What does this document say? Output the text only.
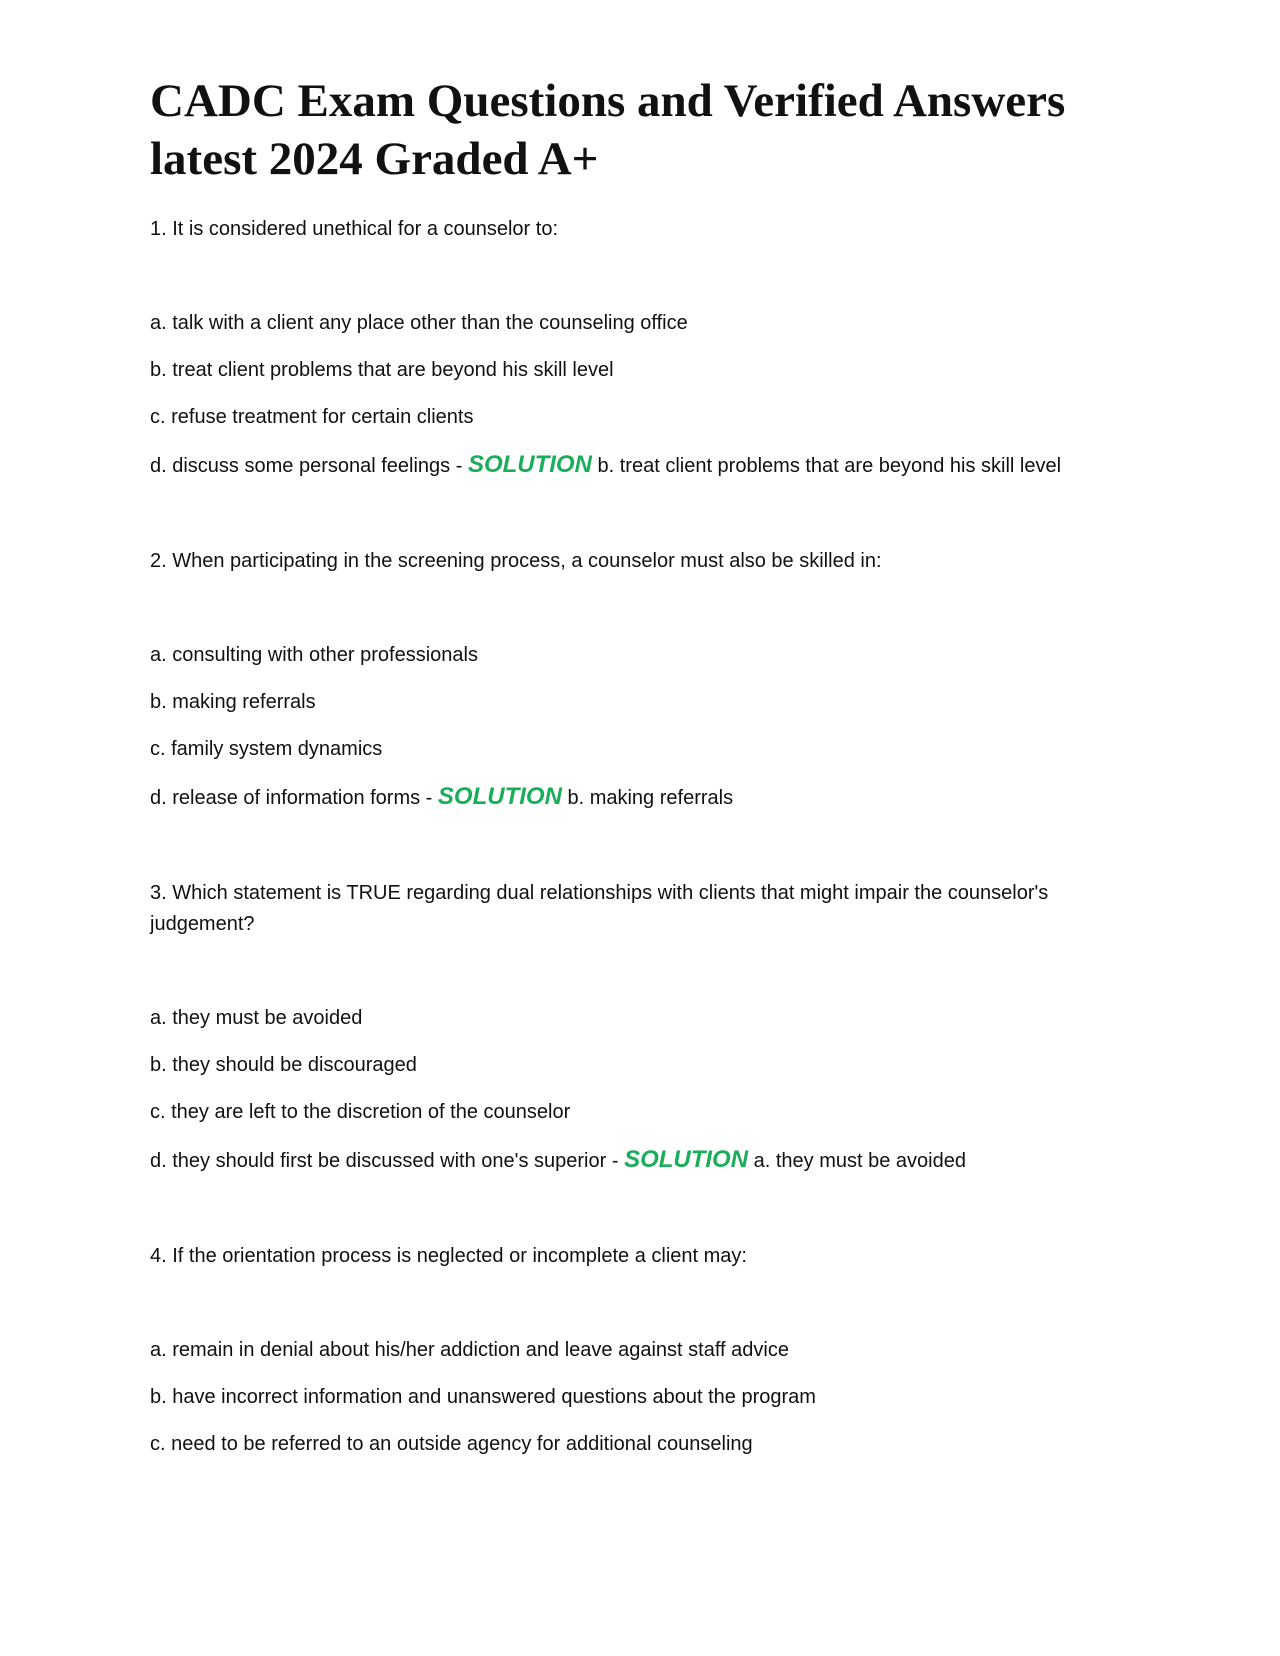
CADC Exam Questions and Verified Answers latest 2024 Graded A+

1. It is considered unethical for a counselor to:

a. talk with a client any place other than the counseling office

b. treat client problems that are beyond his skill level

c. refuse treatment for certain clients

d. discuss some personal feelings - SOLUTION b. treat client problems that are beyond his skill level

2. When participating in the screening process, a counselor must also be skilled in:

a. consulting with other professionals

b. making referrals

c. family system dynamics

d. release of information forms - SOLUTION b. making referrals

3. Which statement is TRUE regarding dual relationships with clients that might impair the counselor's judgement?

a. they must be avoided

b. they should be discouraged

c. they are left to the discretion of the counselor

d. they should first be discussed with one's superior - SOLUTION a. they must be avoided

4. If the orientation process is neglected or incomplete a client may:

a. remain in denial about his/her addiction and leave against staff advice

b. have incorrect information and unanswered questions about the program

c. need to be referred to an outside agency for additional counseling
